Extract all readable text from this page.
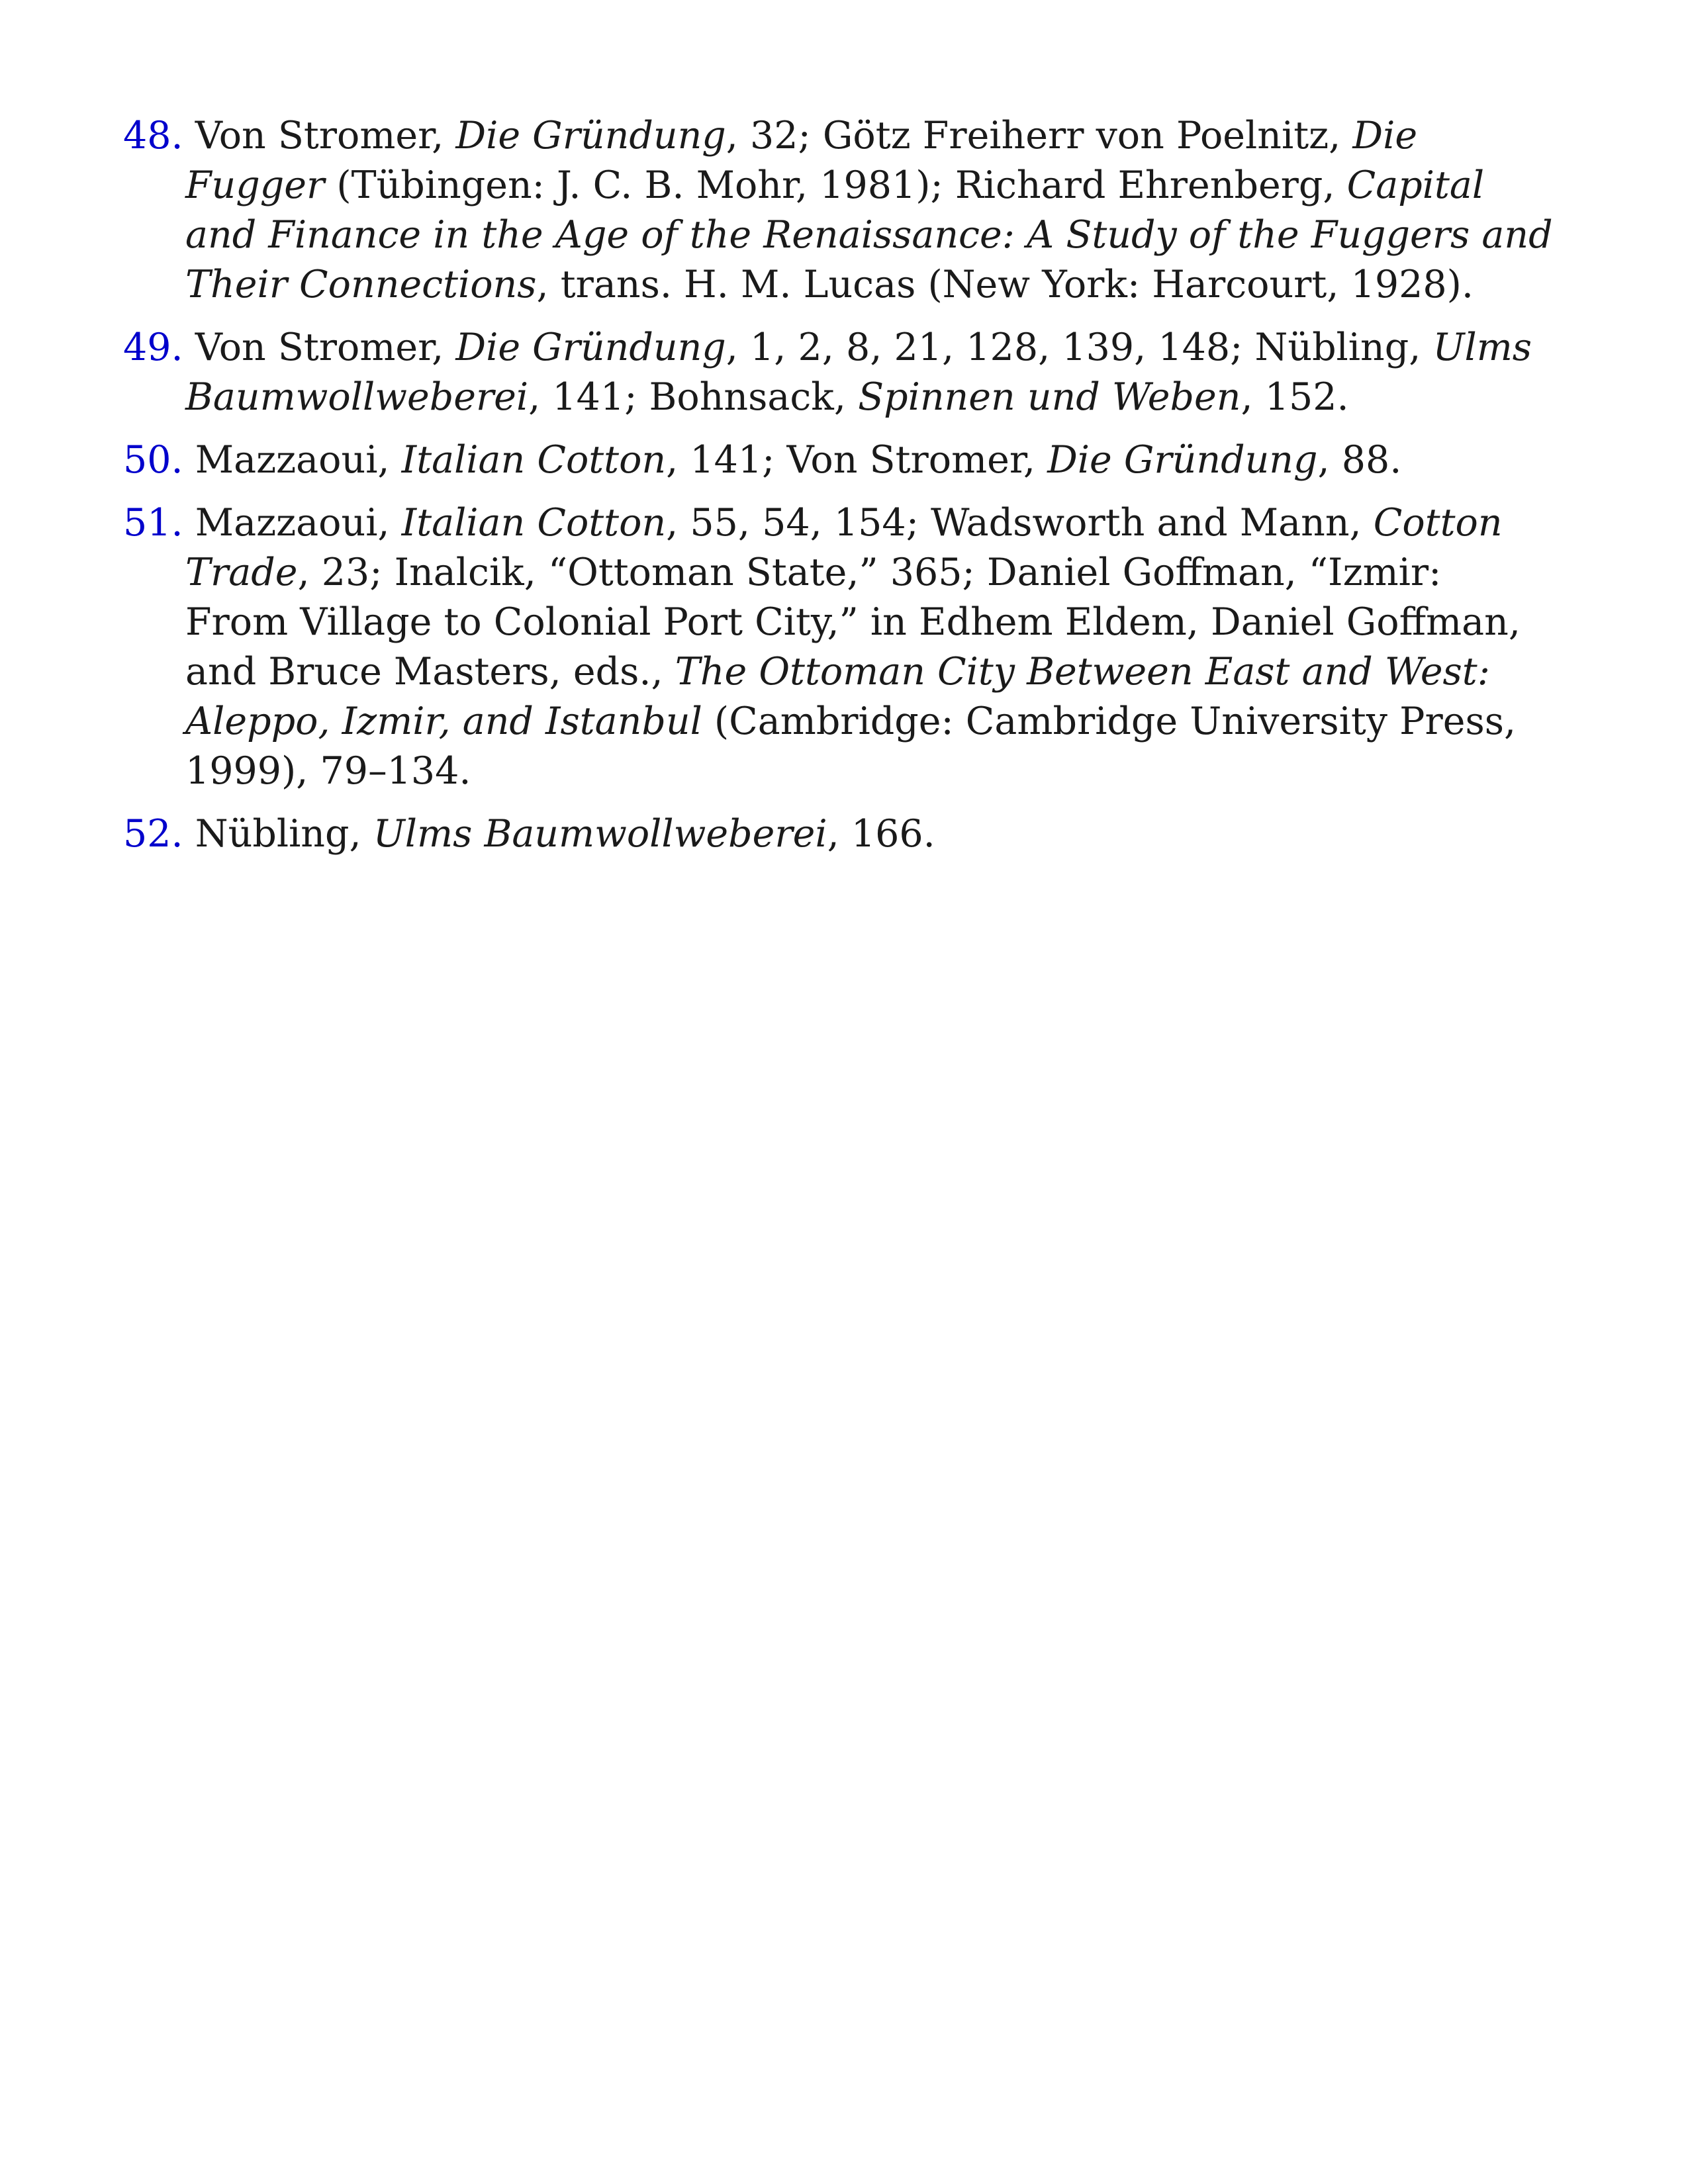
48. Von Stromer, Die Gründung, 32; Götz Freiherr von Poelnitz, Die Fugger (Tübingen: J. C. B. Mohr, 1981); Richard Ehrenberg, Capital and Finance in the Age of the Renaissance: A Study of the Fuggers and Their Connections, trans. H. M. Lucas (New York: Harcourt, 1928).
49. Von Stromer, Die Gründung, 1, 2, 8, 21, 128, 139, 148; Nübling, Ulms Baumwollweberei, 141; Bohnsack, Spinnen und Weben, 152.
50. Mazzaoui, Italian Cotton, 141; Von Stromer, Die Gründung, 88.
51. Mazzaoui, Italian Cotton, 55, 54, 154; Wadsworth and Mann, Cotton Trade, 23; Inalcik, “Ottoman State,” 365; Daniel Goffman, “Izmir: From Village to Colonial Port City,” in Edhem Eldem, Daniel Goffman, and Bruce Masters, eds., The Ottoman City Between East and West: Aleppo, Izmir, and Istanbul (Cambridge: Cambridge University Press, 1999), 79–134.
52. Nübling, Ulms Baumwollweberei, 166.
